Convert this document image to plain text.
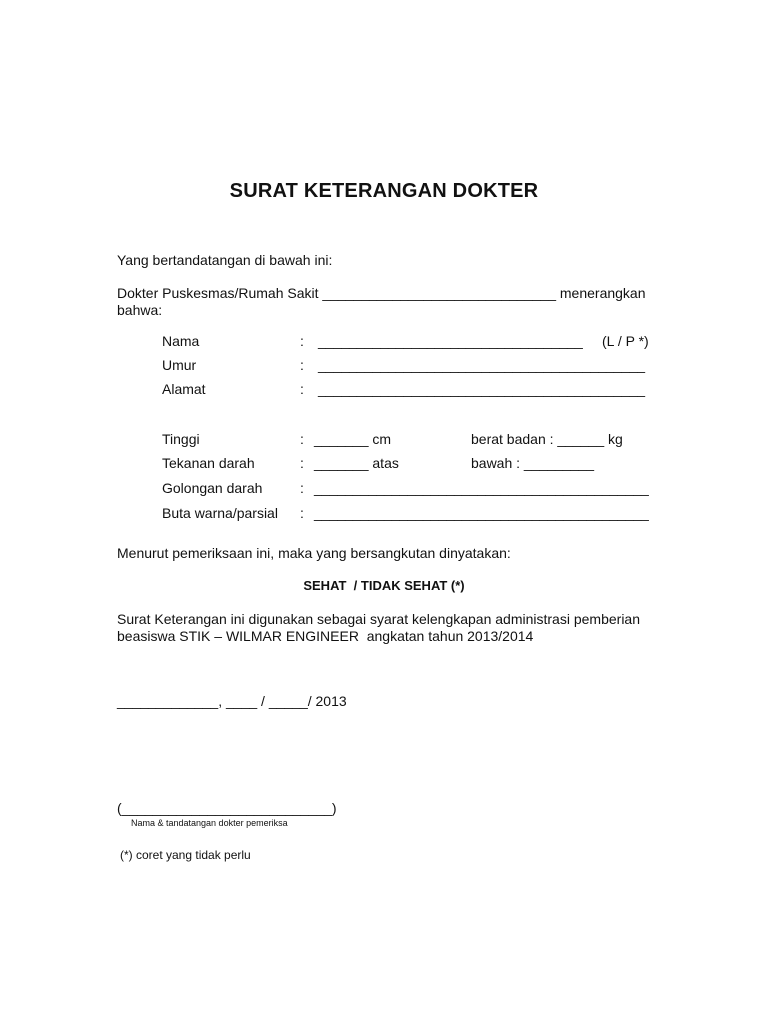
SURAT KETERANGAN DOKTER
Yang bertandatangan di bawah ini:
Dokter Puskesmas/Rumah Sakit ______________________________ menerangkan bahwa:
Nama	: __________________________________ (L / P *)
Umur	: __________________________________________
Alamat	: __________________________________________
Tinggi	: _______ cm	berat badan : ______ kg
Tekanan darah	: _______ atas	bawah : _________
Golongan darah	: ___________________________________________
Buta warna/parsial : ___________________________________________
Menurut pemeriksaan ini, maka yang bersangkutan dinyatakan:
SEHAT  / TIDAK SEHAT (*)
Surat Keterangan ini digunakan sebagai syarat kelengkapan administrasi pemberian beasiswa STIK – WILMAR ENGINEER  angkatan tahun 2013/2014
_____________, ____ / _____/ 2013
(___________________________)
Nama & tandatangan dokter pemeriksa
(*) coret yang tidak perlu
